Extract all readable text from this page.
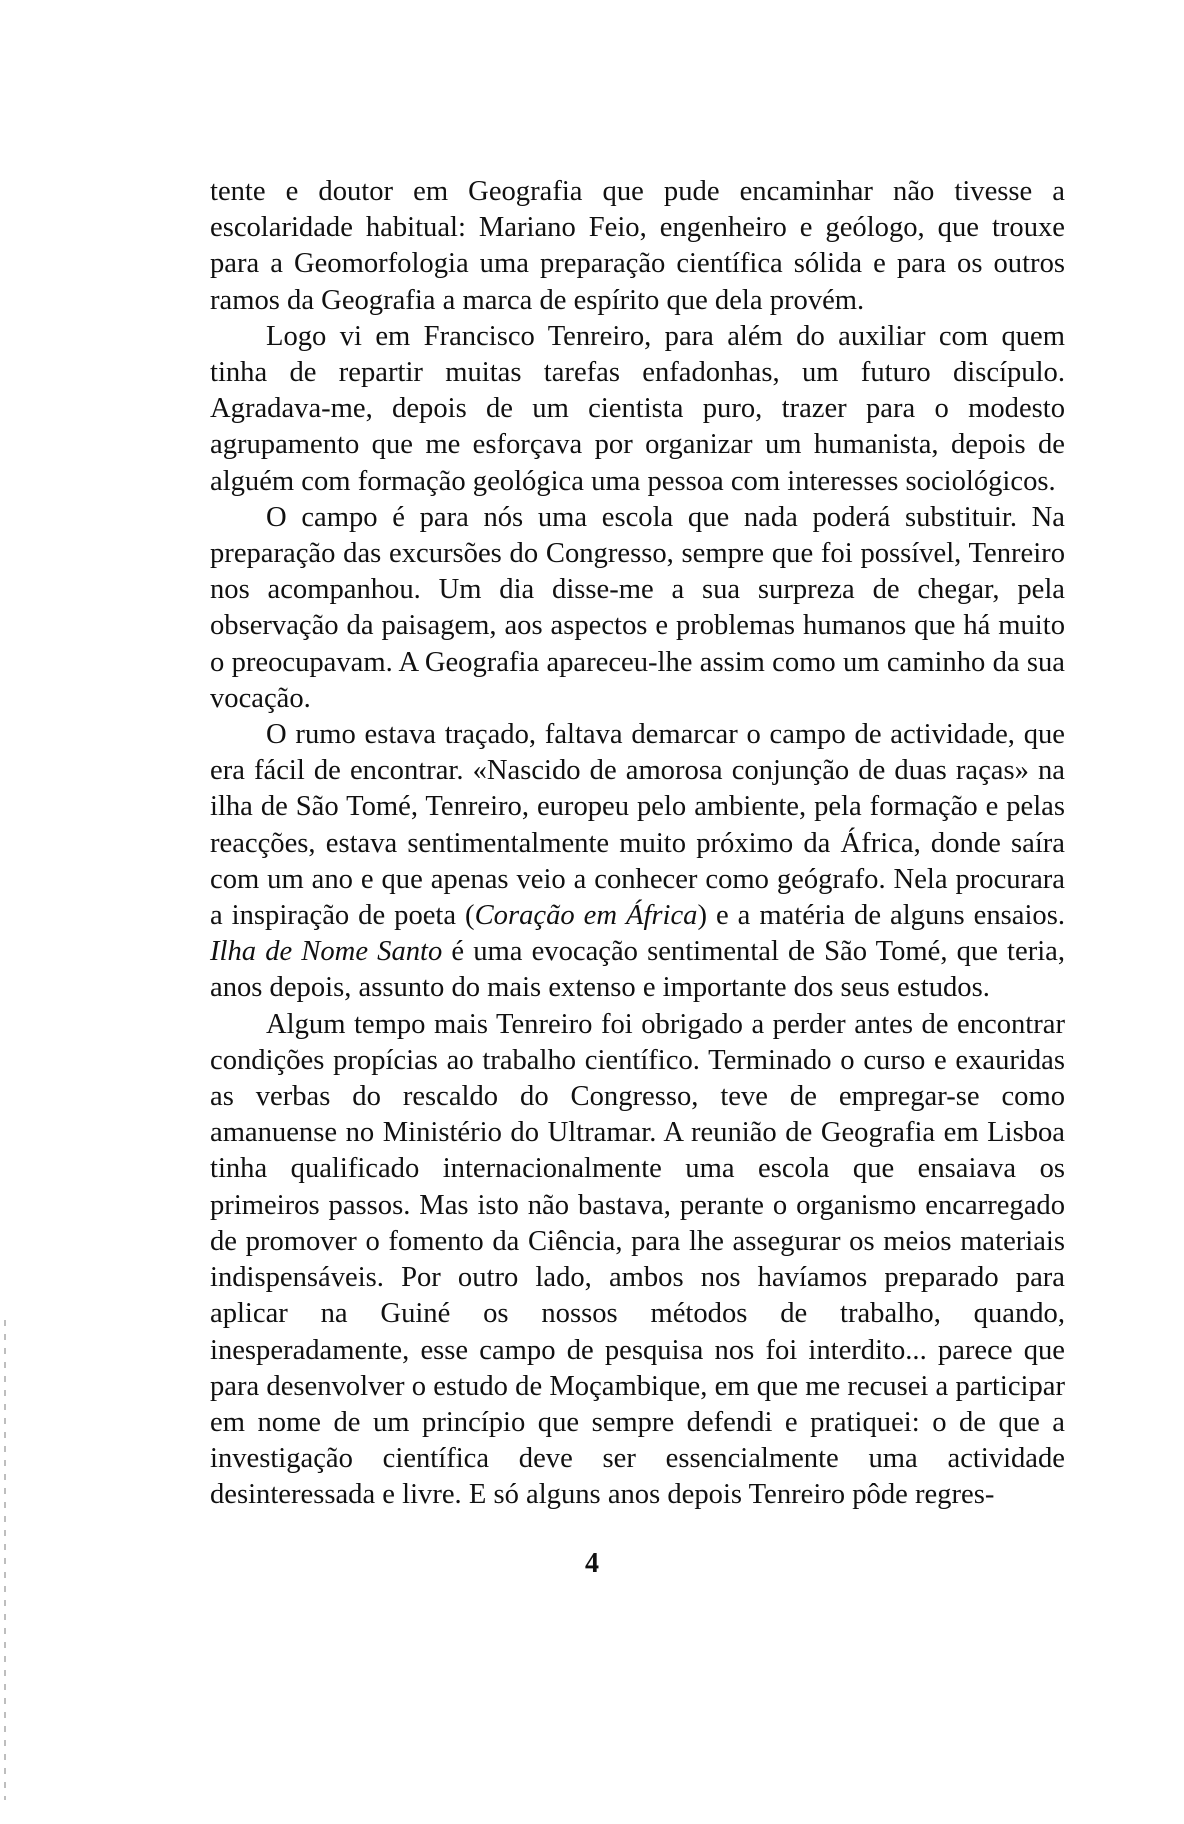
tente e doutor em Geografia que pude encaminhar não tivesse a escolaridade habitual: Mariano Feio, engenheiro e geólogo, que trouxe para a Geomorfologia uma preparação científica sólida e para os outros ramos da Geografia a marca de espírito que dela provém.

Logo vi em Francisco Tenreiro, para além do auxiliar com quem tinha de repartir muitas tarefas enfadonhas, um futuro discípulo. Agradava-me, depois de um cientista puro, trazer para o modesto agrupamento que me esforçava por organizar um humanista, depois de alguém com formação geológica uma pessoa com interesses sociológicos.

O campo é para nós uma escola que nada poderá substituir. Na preparação das excursões do Congresso, sempre que foi possível, Tenreiro nos acompanhou. Um dia disse-me a sua surpreza de chegar, pela observação da paisagem, aos aspectos e problemas humanos que há muito o preocupavam. A Geografia apareceu-lhe assim como um caminho da sua vocação.

O rumo estava traçado, faltava demarcar o campo de actividade, que era fácil de encontrar. «Nascido de amorosa conjunção de duas raças» na ilha de São Tomé, Tenreiro, europeu pelo ambiente, pela formação e pelas reacções, estava sentimentalmente muito próximo da África, donde saíra com um ano e que apenas veio a conhecer como geógrafo. Nela procurara a inspiração de poeta (Coração em África) e a matéria de alguns ensaios. Ilha de Nome Santo é uma evocação sentimental de São Tomé, que teria, anos depois, assunto do mais extenso e importante dos seus estudos.

Algum tempo mais Tenreiro foi obrigado a perder antes de encontrar condições propícias ao trabalho científico. Terminado o curso e exauridas as verbas do rescaldo do Congresso, teve de empregar-se como amanuense no Ministério do Ultramar. A reunião de Geografia em Lisboa tinha qualificado internacionalmente uma escola que ensaiava os primeiros passos. Mas isto não bastava, perante o organismo encarregado de promover o fomento da Ciência, para lhe assegurar os meios materiais indispensáveis. Por outro lado, ambos nos havíamos preparado para aplicar na Guiné os nossos métodos de trabalho, quando, inesperadamente, esse campo de pesquisa nos foi interdito... parece que para desenvolver o estudo de Moçambique, em que me recusei a participar em nome de um princípio que sempre defendi e pratiquei: o de que a investigação científica deve ser essencialmente uma actividade desinteressada e livre. E só alguns anos depois Tenreiro pôde regres-

4
